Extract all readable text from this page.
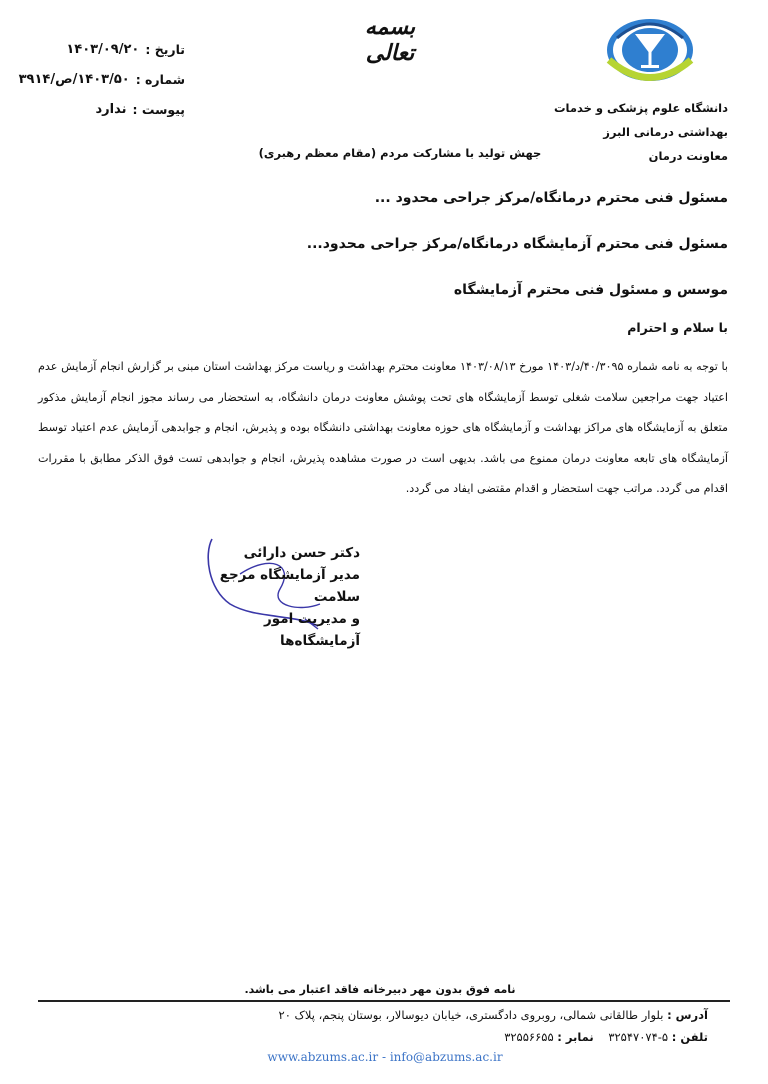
دانشگاه علوم پزشکی و خدمات
بهداشتی درمانی البرز
معاونت درمان
بسمه تعالی
تاریخ :
۱۴۰۳/۰۹/۲۰
شماره :
۱۴۰۳/۵۰/ص/۳۹۱۴
پیوست :
ندارد
جهش تولید با مشارکت مردم (مقام معظم رهبری)
مسئول فنی محترم درمانگاه/مرکز جراحی محدود ...
مسئول فنی محترم آزمایشگاه درمانگاه/مرکز جراحی محدود...
موسس و مسئول فنی محترم آزمایشگاه
با سلام و احترام
با توجه به نامه شماره ۴۰/۳۰۹۵/د/۱۴۰۳ مورخ ۱۴۰۳/۰۸/۱۳ معاونت محترم بهداشت و ریاست مرکز بهداشت استان مبنی بر گزارش انجام آزمایش عدم اعتیاد جهت مراجعین سلامت شغلی توسط آزمایشگاه های تحت پوشش معاونت درمان دانشگاه، به استحضار می رساند مجوز انجام آزمایش مذکور متعلق به آزمایشگاه های مراکز بهداشت و آزمایشگاه های حوزه معاونت بهداشتی دانشگاه بوده و پذیرش، انجام و جوابدهی آزمایش عدم اعتیاد توسط آزمایشگاه های تابعه معاونت درمان ممنوع می باشد. بدیهی است در صورت مشاهده پذیرش، انجام و جوابدهی تست فوق الذکر مطابق با مقررات اقدام می گردد. مراتب جهت استحضار و اقدام مقتضی ایفاد می گردد.
دکتر حسن دارائی
مدیر آزمایشگاه مرجع سلامت
و مدیریت امور آزمایشگاه‌ها
نامه فوق بدون مهر دبیرخانه فاقد اعتبار می باشد.
آدرس : بلوار طالقانی شمالی، روبروی دادگستری، خیابان دیوسالار، بوستان پنجم، پلاک ۲۰
تلفن : ۵-۳۲۵۴۷۰۷۴    نمابر : ۳۲۵۵۶۶۵۵
www.abzums.ac.ir - info@abzums.ac.ir
